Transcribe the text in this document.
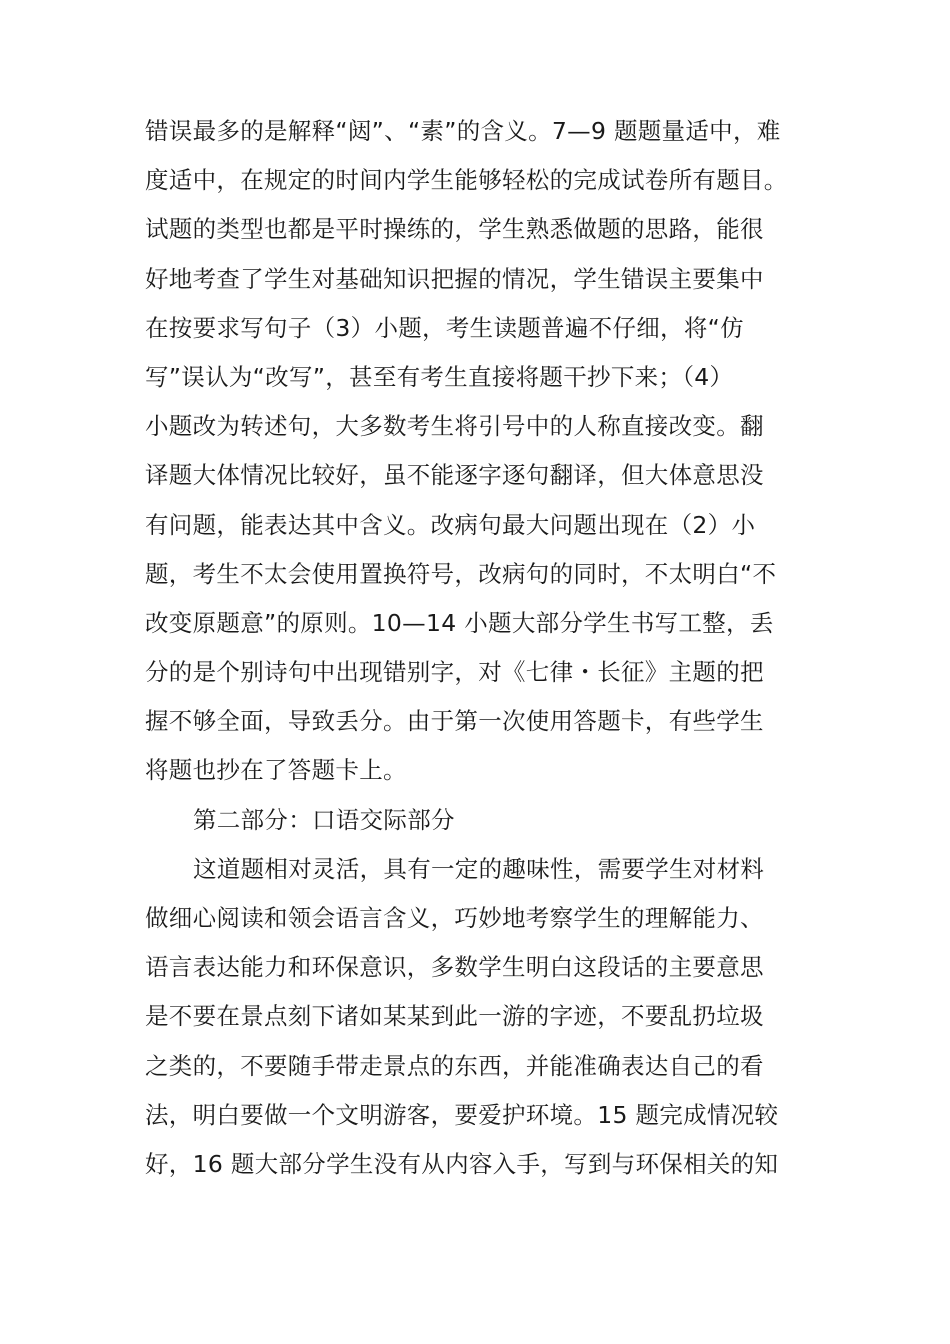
错误最多的是解释“闼”、“素”的含义。7—9 题题量适中，难
度适中，在规定的时间内学生能够轻松的完成试卷所有题目。
试题的类型也都是平时操练的，学生熟悉做题的思路，能很
好地考查了学生对基础知识把握的情况，学生错误主要集中
在按要求写句子（3）小题，考生读题普遍不仔细，将“仿
写”误认为“改写”，甚至有考生直接将题干抄下来；（4）
小题改为转述句，大多数考生将引号中的人称直接改变。翻
译题大体情况比较好，虽不能逐字逐句翻译，但大体意思没
有问题，能表达其中含义。改病句最大问题出现在（2）小
题，考生不太会使用置换符号，改病句的同时，不太明白“不
改变原题意”的原则。10—14 小题大部分学生书写工整，丢
分的是个别诗句中出现错别字，对《七律・长征》主题的把
握不够全面，导致丢分。由于第一次使用答题卡，有些学生
将题也抄在了答题卡上。
第二部分：口语交际部分
这道题相对灵活，具有一定的趣味性，需要学生对材料
做细心阅读和领会语言含义，巧妙地考察学生的理解能力、
语言表达能力和环保意识，多数学生明白这段话的主要意思
是不要在景点刻下诸如某某到此一游的字迹，不要乱扔垃圾
之类的，不要随手带走景点的东西，并能准确表达自己的看
法，明白要做一个文明游客，要爱护环境。15 题完成情况较
好，16 题大部分学生没有从内容入手，写到与环保相关的知
